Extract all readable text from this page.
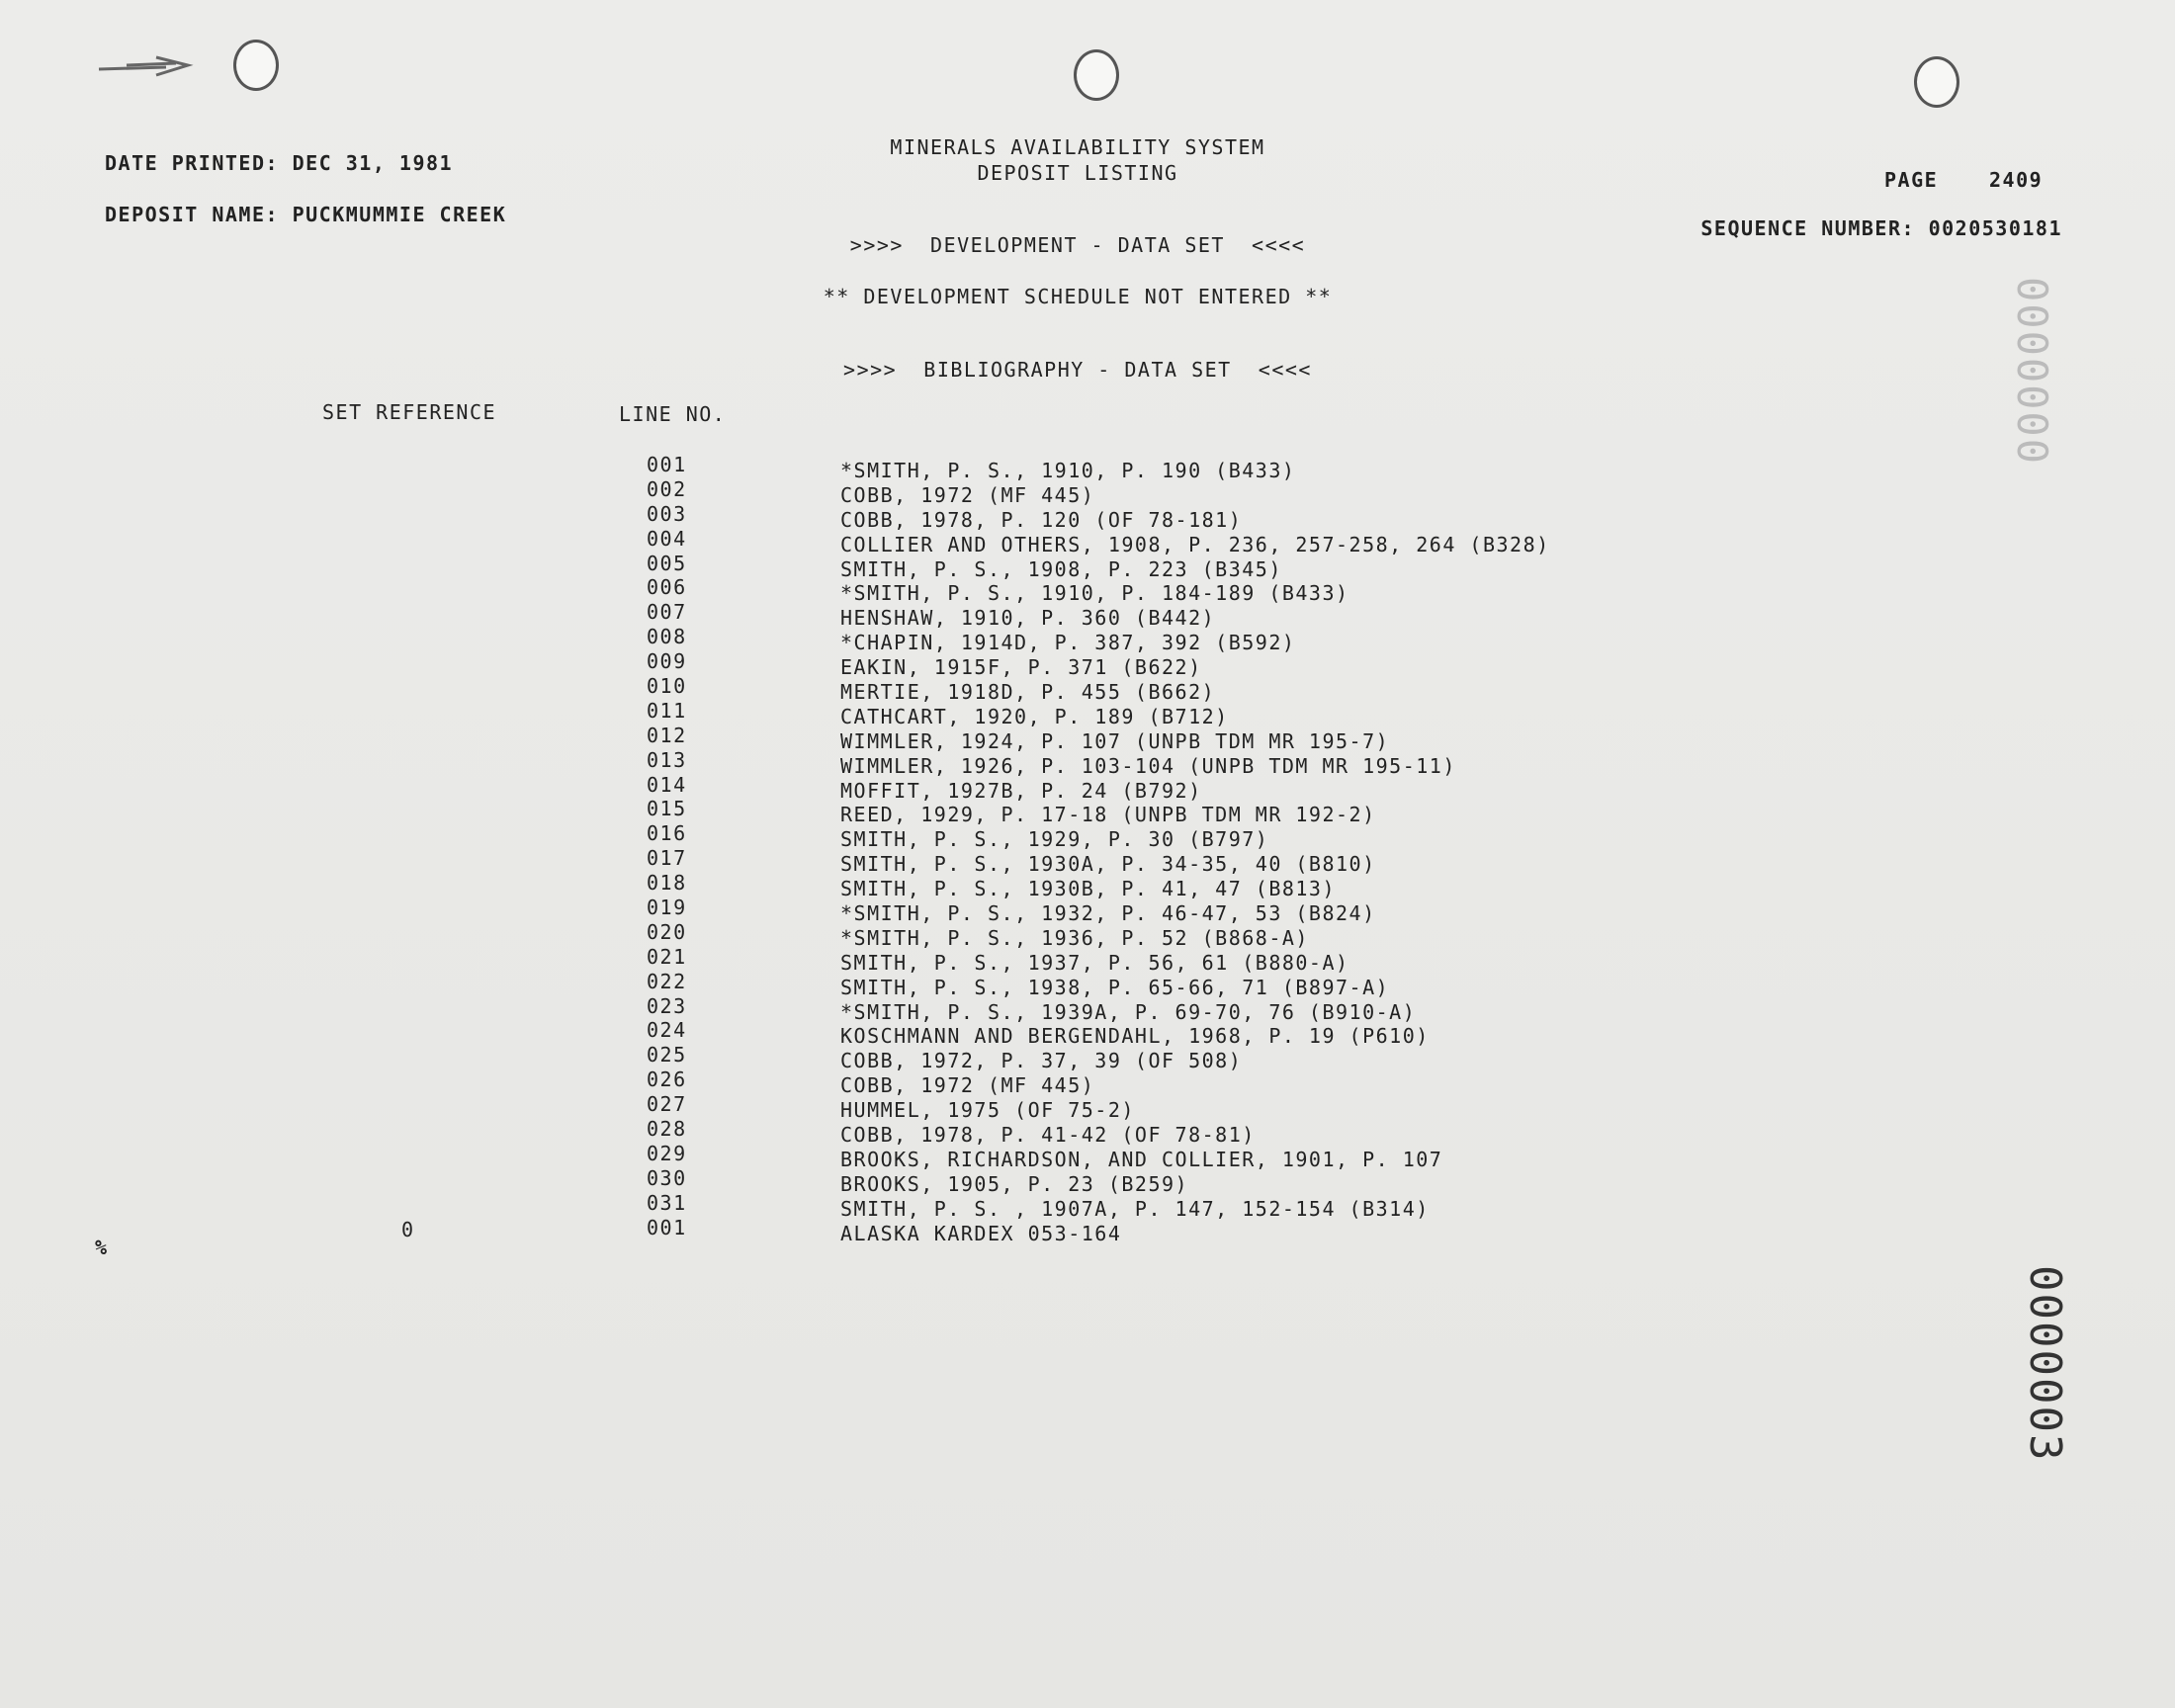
DATE PRINTED: DEC 31, 1981
DEPOSIT NAME: PUCKMUMMIE CREEK
MINERALS AVAILABILITY SYSTEM
DEPOSIT LISTING	PAGE	2409
SEQUENCE NUMBER: 0020530181
>>>>  DEVELOPMENT - DATA SET  <<<<
** DEVELOPMENT SCHEDULE NOT ENTERED **
>>>>  BIBLIOGRAPHY - DATA SET  <<<<
SET REFERENCE	LINE NO.
001	*SMITH, P. S., 1910, P. 190 (B433)
002	COBB, 1972 (MF 445)
003	COBB, 1978, P. 120 (OF 78-181)
004	COLLIER AND OTHERS, 1908, P. 236, 257-258, 264 (B328)
005	SMITH, P. S., 1908, P. 223 (B345)
006	*SMITH, P. S., 1910, P. 184-189 (B433)
007	HENSHAW, 1910, P. 360 (B442)
008	*CHAPIN, 1914D, P. 387, 392 (B592)
009	EAKIN, 1915F, P. 371 (B622)
010	MERTIE, 1918D, P. 455 (B662)
011	CATHCART, 1920, P. 189 (B712)
012	WIMMLER, 1924, P. 107 (UNPB TDM MR 195-7)
013	WIMMLER, 1926, P. 103-104 (UNPB TDM MR 195-11)
014	MOFFIT, 1927B, P. 24 (B792)
015	REED, 1929, P. 17-18 (UNPB TDM MR 192-2)
016	SMITH, P. S., 1929, P. 30 (B797)
017	SMITH, P. S., 1930A, P. 34-35, 40 (B810)
018	SMITH, P. S., 1930B, P. 41, 47 (B813)
019	*SMITH, P. S., 1932, P. 46-47, 53 (B824)
020	*SMITH, P. S., 1936, P. 52 (B868-A)
021	SMITH, P. S., 1937, P. 56, 61 (B880-A)
022	SMITH, P. S., 1938, P. 65-66, 71 (B897-A)
023	*SMITH, P. S., 1939A, P. 69-70, 76 (B910-A)
024	KOSCHMANN AND BERGENDAHL, 1968, P. 19 (P610)
025	COBB, 1972, P. 37, 39 (OF 508)
026	COBB, 1972 (MF 445)
027	HUMMEL, 1975 (OF 75-2)
028	COBB, 1978, P. 41-42 (OF 78-81)
029	BROOKS, RICHARDSON, AND COLLIER, 1901, P. 107
030	BROOKS, 1905, P. 23 (B259)
031	SMITH, P. S. , 1907A, P. 147, 152-154 (B314)
0	001	ALASKA KARDEX 053-164
%
0000000
0000003
